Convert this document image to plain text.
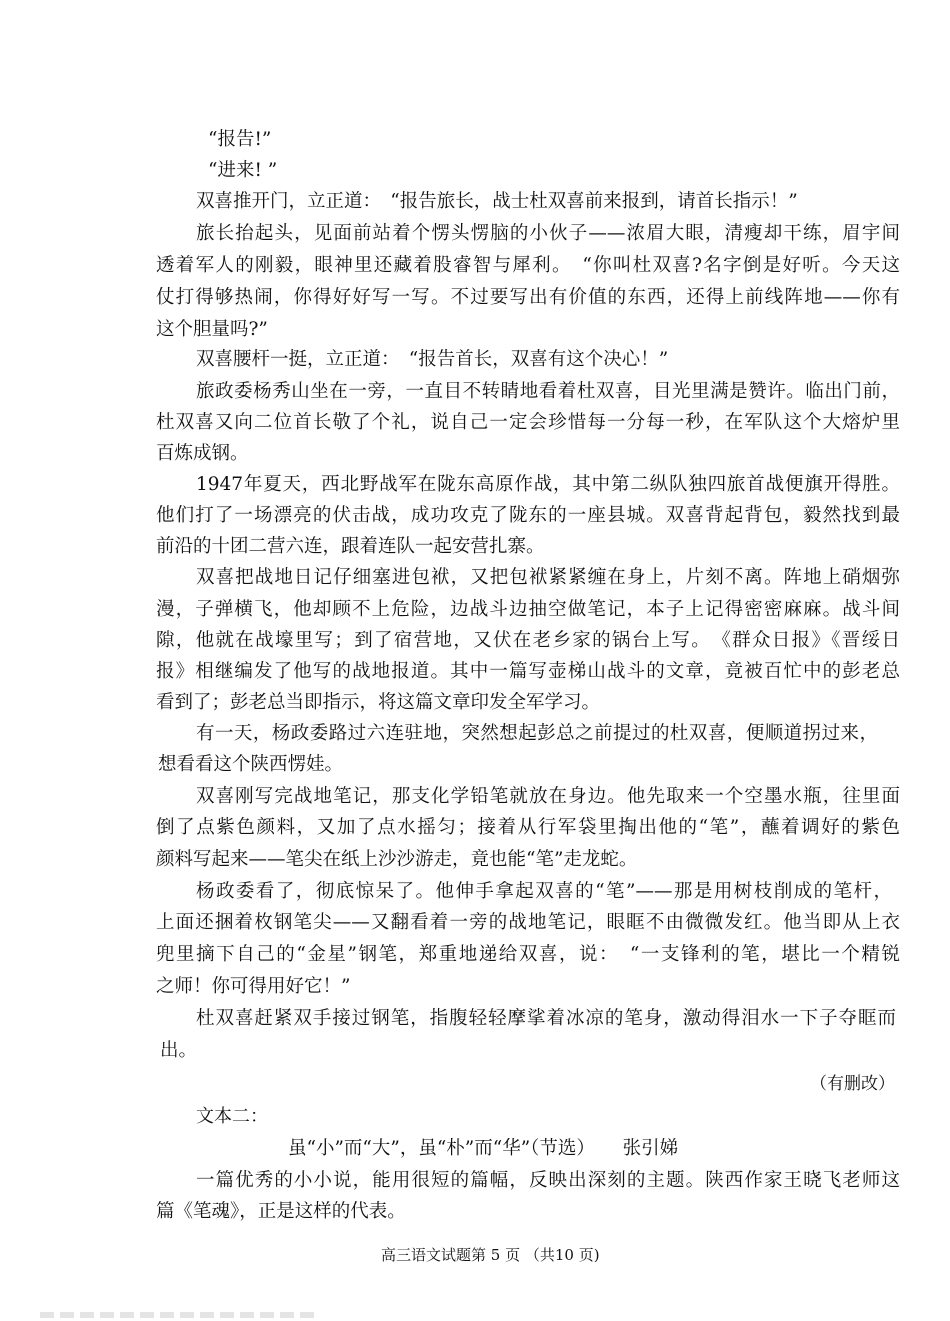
“报告!”
“进来! ”
双喜推开门，立正道：　“报告旅长，战士杜双喜前来报到，请首长指示！”
旅长抬起头，见面前站着个愣头愣脑的小伙子——浓眉大眼，清瘦却干练，眉宇间
透着军人的刚毅，眼神里还藏着股睿智与犀利。　“你叫杜双喜?名字倒是好听。今天这
仗打得够热闹，你得好好写一写。不过要写出有价值的东西，还得上前线阵地——你有
这个胆量吗?”
双喜腰杆一挺，立正道：　“报告首长，双喜有这个决心！”
旅政委杨秀山坐在一旁，一直目不转睛地看着杜双喜，目光里满是赞许。临出门前，
杜双喜又向二位首长敬了个礼，说自己一定会珍惜每一分每一秒，在军队这个大熔炉里
百炼成钢。
1947年夏天，西北野战军在陇东高原作战，其中第二纵队独四旅首战便旗开得胜。
他们打了一场漂亮的伏击战，成功攻克了陇东的一座县城。双喜背起背包，毅然找到最
前沿的十团二营六连，跟着连队一起安营扎寨。
双喜把战地日记仔细塞进包袱，又把包袱紧紧缠在身上，片刻不离。阵地上硝烟弥
漫，子弹横飞，他却顾不上危险，边战斗边抽空做笔记，本子上记得密密麻麻。战斗间
隙，他就在战壕里写；到了宿营地，又伏在老乡家的锅台上写。　《群众日报》《晋绥日
报》相继编发了他写的战地报道。其中一篇写壶梯山战斗的文章，竟被百忙中的彭老总
看到了；彭老总当即指示，将这篇文章印发全军学习。
有一天，杨政委路过六连驻地，突然想起彭总之前提过的杜双喜，便顺道拐过来，
想看看这个陕西愣娃。
双喜刚写完战地笔记，那支化学铅笔就放在身边。他先取来一个空墨水瓶，往里面
倒了点紫色颜料，又加了点水摇匀；接着从行军袋里掏出他的“笔”，蘸着调好的紫色
颜料写起来——笔尖在纸上沙沙游走，竟也能“笔”走龙蛇。
杨政委看了，彻底惊呆了。他伸手拿起双喜的“笔”——那是用树枝削成的笔杆，
上面还捆着枚钢笔尖——又翻看着一旁的战地笔记，眼眶不由微微发红。他当即从上衣
兜里摘下自己的“金星”钢笔，郑重地递给双喜，说：　“一支锋利的笔，堪比一个精锐
之师！你可得用好它！”
杜双喜赶紧双手接过钢笔，指腹轻轻摩挲着冰凉的笔身，激动得泪水一下子夺眶而
出。
（有删改）
文本二：
虽“小”而“大”，虽“朴”而“华”（节选）　　张引娣
一篇优秀的小小说，能用很短的篇幅，反映出深刻的主题。陕西作家王晓飞老师这
篇《笔魂》，正是这样的代表。
高三语文试题第 5 页 （共10 页)
